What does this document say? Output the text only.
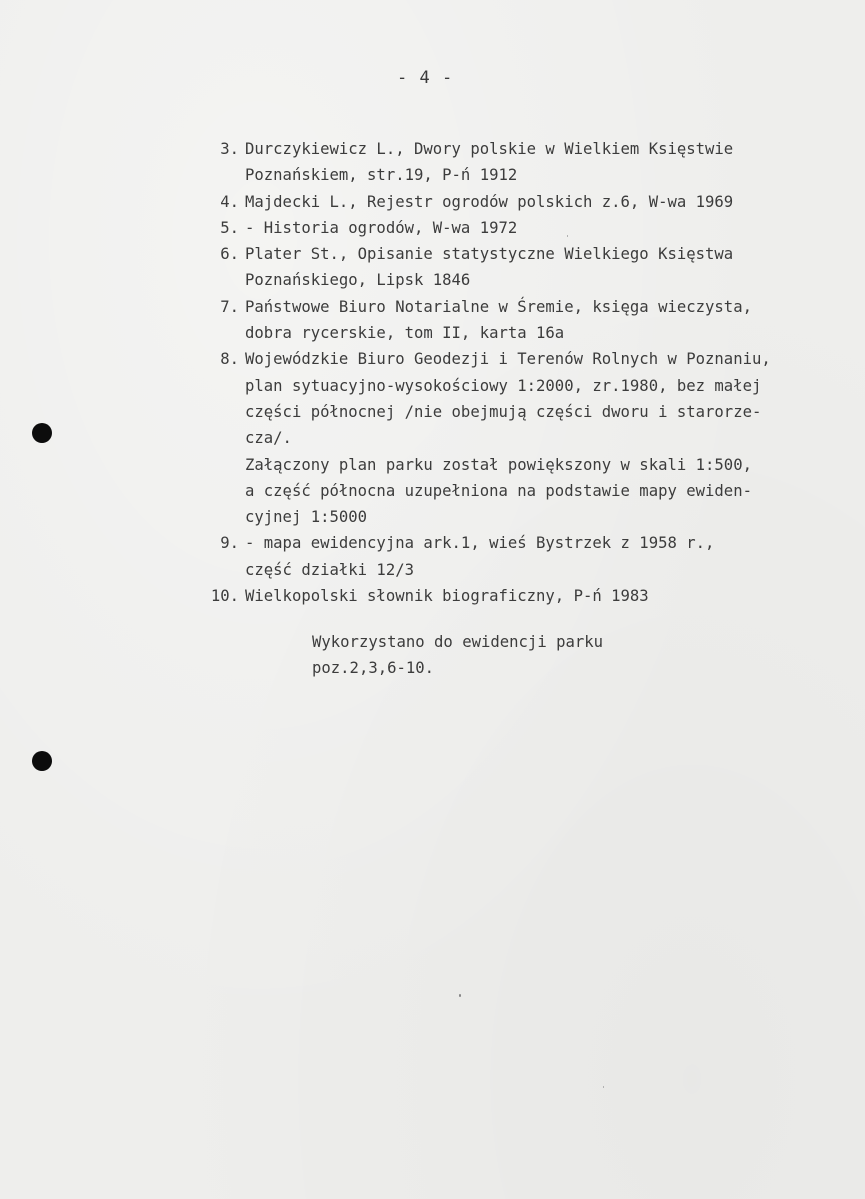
- 4 -
3. Durczykiewicz L., Dwory polskie w Wielkiem Księstwie
Poznańskiem, str.19, P-ń 1912
4. Majdecki L., Rejestr ogrodów polskich z.6, W-wa 1969
5. - Historia ogrodów, W-wa 1972
6. Plater St., Opisanie statystyczne Wielkiego Księstwa
Poznańskiego, Lipsk 1846
7. Państwowe Biuro Notarialne w Śremie, księga wieczysta,
dobra rycerskie, tom II, karta 16a
8. Wojewódzkie Biuro Geodezji i Terenów Rolnych w Poznaniu,
plan sytuacyjno-wysokościowy 1:2000, zr.1980, bez małej
części północnej /nie obejmują części dworu i starorze-
cza/.
Załączony plan parku został powiększony w skali 1:500,
a część północna uzupełniona na podstawie mapy ewiden-
cyjnej 1:5000
9. - mapa ewidencyjna ark.1, wieś Bystrzek z 1958 r.,
część działki 12/3
10. Wielkopolski słownik biograficzny, P-ń 1983
Wykorzystano do ewidencji parku
poz.2,3,6-10.
